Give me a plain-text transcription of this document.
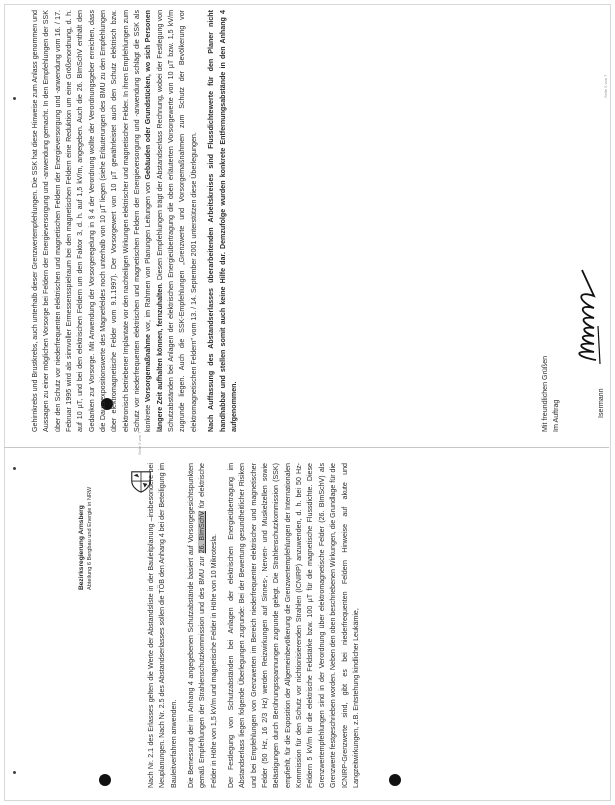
Gehirnkrebs und Brustkrebs, auch unterhalb dieser Grenzwertempfehlungen. Die SSK hat diese Hinweise zum Anlass genommen und Aussagen zu einer möglichen Vorsorge bei Feldern der Energieversorgung und -anwendung gemacht. In den Empfehlungen der SSK über den Schutz vor niederfrequenten elektrischen und magnetischen Feldern der Energieversorgung und -anwendung vom 16. / 17. Februar 1995 wird als sinnvoller Ermessensspielraum bei den magnetischen Feldern eine Reduktion um eine Größenordnung, d. h. auf 10 µT, und bei den elektrischen Feldern um den Faktor 3, d. h. auf 1,5 kV/m, angegeben. Auch die 26. BImSchV enthält den Gedanken zur Vorsorge. Mit Anwendung der Vorsorgeregelung in § 4 der Verordnung wollte der Verordnungsgeber erreichen, dass die Dauerexpositionswerte des Magnetfeldes noch unterhalb von 10 µT liegen (siehe Erläuterungen des BMU zu den Empfehlungen über elektromagnetische Felder vom 9.1.1997). Der Vorsorgewert von 10 µT gewährleistet auch den Schutz elektrisch bzw. elektronisch betriebener Implantate vor den nachteiligen Wirkungen elektrischer und magnetischer Felder. In ihren Empfehlungen zum Schutz vor niederfrequenten elektrischen und magnetischen Feldern der Energieversorgung und -anwendung schlägt die SSK als konkrete Vorsorgemaßnahme vor, im Rahmen von Planungen Leitungen von Gebäuden oder Grundstücken, wo sich Personen längere Zeit aufhalten können, fernzuhalten. Diesen Empfehlungen trägt der Abstandserlass Rechnung, wobei der Festlegung von Schutzabständen bei Anlagen der elektrischen Energieübertragung die oben erläuterten Vorsorgewerte von 10 µT bzw. 1,5 kV/m zugrunde liegen. Auch die SSK-Empfehlungen „Grenzwerte und Vorsorgemaßnahmen zum Schutz der Bevölkerung vor elektromagnetischen Feldern" vom 13. / 14. September 2001 unterstützen diese Überlegungen.	Nach Auffassung des Abstandserlasses überarbeitenden Arbeitskreises sind Flussdichtewerte für den Planer nicht handhabbar und stellen somit auch keine Hilfe dar. Demzufolge wurden konkrete Entfernungsabstände in den Anhang 4 aufgenommen.	Mit freundlichen Grüßen Im Auftrag	Isermann
Seite 5 von 7
Bezirksregierung Arnsberg Abteilung 6 Bergbau und Energie in NRW
Seite 5 von 7

Nach Nr. 2.1 des Erlasses gelten die Werte der Abstandsliste in der Bauleitplanung –insbesondere bei Neuplanungen. Nach Nr. 2.5 des Abstandserlasses sollen die TÖB den Anhang 4 bei der Beteiligung im Bauleitverfahren anwenden.	Die Bemessung der im Anhang 4 angegebenen Schutzabstände basiert auf Vorsorgegesichtspunkten gemäß Empfehlungen der Strahlenschutzkommission und des BMU zur 26. BImSchV für elektrische Felder in Höhe von 1,5 kV/m und magnetische Felder in Höhe von 10 Mikrotesla.	Der Festlegung von Schutzabständen bei Anlagen der elektrischen Energieübertragung im Abstandserlass liegen folgende Überlegungen zugrunde: Bei der Bewertung gesundheitlicher Risiken und bei Empfehlungen von Grenzwerten im Bereich niederfrequenter elektrischer und magnetischer Felder (50 Hz, 16 2/3 Hz) werden Reizwirkungen auf Sinnes-, Nerven- und Muskelzellen sowie Belästigungen durch Berührungsspannungen zugrunde gelegt. Die Strahlenschutzkommission (SSK) empfiehlt, für die Exposition der Allgemeinbevölkerung die Grenzwertempfehlungen der Internationalen Kommission für den Schutz vor nichtionisierenden Strahlen (ICNIRP) anzuwenden, d. h. bei 50 Hz-Feldern 5 kV/m für die elektrische Feldstärke bzw. 100 µT für die magnetische Flussdichte. Diese Grenzwertempfehlungen sind in der Verordnung über elektromagnetische Felder (26. BImSchV) als Grenzwerte festgeschrieben worden. Neben den oben beschriebenen Wirkungen, die Grundlage für die ICNIRP-Grenzwerte sind, gibt es bei niederfrequenten Feldern Hinweise auf akute und Langzeitwirkungen, z.B. Entstehung kindlicher Leukämie,
